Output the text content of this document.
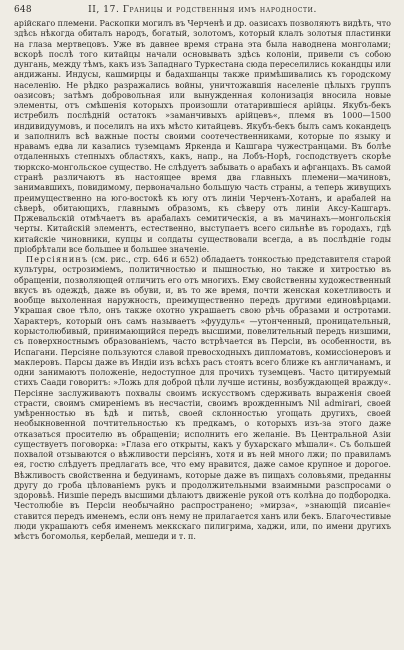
648	II, 17. Границы и родственныя имъ народности.

арійскаго племени. Раскопки могилъ въ Черченѣ и др. оазисахъ позволяютъ видѣть, что здѣсь нѣкогда обиталъ народъ, богатый, золотомъ, который клалъ золотыя пластинки на глаза мертвецовъ. Уже въ давнее время страна эта была наводнена монголами; вскорѣ послѣ того китайцы начали основывать здѣсь колоніи, привели съ собою дунгань, между тѣмъ, какъ изъ Западнаго Туркестана сюда переселились кокандцы или андижаны. Индусы, кашмирцы и бадахшанцы также примѣшивались къ городскому населенію. Не рѣдко разражались войны, уничтожавшія населеніе цѣлыхъ группъ оазисовъ; затѣмъ добровольная или вынужденная колонизація вносила новые элементы, отъ смѣшенія которыхъ произошли отатарившіеся арійцы. Якубъ-бекъ истребилъ послѣдній остатокъ »заманчивыхъ арійцевъ«, племя въ 1000—1500 индивидуумовъ, и поселилъ на ихъ мѣсто китайцевъ. Якубъ-бекъ былъ самъ кокандецъ и заполнилъ всѣ важные посты своими соотечественниками, которые по языку и нравамъ едва ли казались туземцамъ Яркенда и Кашгара чужестранцами. Въ болѣе отдаленныхъ степныхъ областяхъ, какъ, напр., на Лобъ-Норѣ, господствуетъ скорѣе тюркско-монгольское существо. Не слѣдуетъ забывать о арабахъ и афганцахъ. Въ самой странѣ различаютъ въ настоящее время два главныхъ племени—мачиновъ, занимавшихъ, повидимому, первоначально большую часть страны, а теперь живущихъ преимущественно на юго-востокѣ къ югу отъ линіи Черченъ-Хотанъ, и арабалей на сѣверѣ, обитающихъ, главнымъ образомъ, къ сѣверу отъ линіи Аксу-Кашгаръ. Пржевальскій отмѣчаетъ въ арабалахъ семитическія, а въ мачинахъ—монгольскія черты. Китайскій элементъ, естественно, выступаетъ всего сильнѣе въ городахъ, гдѣ китайскіе чиновники, купцы и солдаты существовали всегда, а въ послѣдніе годы пріобрѣтали все большее и большее значеніе.

Персіянинъ (см. рис., стр. 646 и 652) обладаетъ тонкостью представителя старой культуры, острозиміемъ, политичностью и пышностью, но также и хитростью въ обращеніи, позволяющей отличить его отъ многихъ. Ему свойственны художественный вкусъ въ одеждѣ, даже въ обуви, и, въ то же время, почти женская кокетливость и вообще выхоленная наружность, преимущественно передъ другими единовѣрцами. Украшая свое тѣло, онъ также охотно украшаетъ свою рѣчь образами и остротами. Характеръ, который онъ самъ называетъ »фуудуль« —утонченный, проницательный, корыстолюбивый, принимающийся передъ высшими, повелительный передъ низшими, съ поверхностнымъ образованіемъ, часто встрѣчается въ Персіи, въ особенности, въ Испагани. Персіяне пользуются славой превосходныхъ дипломатовъ, комиссіонеровъ и маклеровъ. Парсы даже въ Индіи изъ всѣхъ расъ стоятъ всего ближе къ англичанамъ, и одни занимаютъ положеніе, недоступное для прочихъ туземцевъ. Часто цитируемый стихъ Саади говоритъ: »Ложь для доброй цѣли лучше истины, возбуждающей вражду«. Персіяне заслуживаютъ похвалы своимъ искусствомъ сдерживать выраженія своей страсти, своимъ смиреніемъ въ несчастіи, своимъ врожденнымъ Nil admirari, своей умѣренностью въ ѣдѣ и питьѣ, своей склонностью угощать другихъ, своей необыкновенной почтительностью къ предкамъ, о которыхъ изъ-за этого даже отказаться просителю въ обращеніи; исполнить его желаніе. Въ Центральной Азіи существуетъ поговорка: »Глаза его открыты, какъ у бухарскаго мѣшали«. Съ большей похвалой отзываются о вѣжливости персіянъ, хотя и въ ней много лжи; по правиламъ ея, гостю слѣдуетъ предлагать все, что ему нравится, даже самое крупное и дорогое. Вѣжливость свойственна и бедуинамъ, которые даже въ пищахъ соловьями, преданны другу до гроба цѣлованіемъ рукъ и продолжительными взаимными разспросами о здоровьѣ. Низшіе передъ высшими дѣлаютъ движеніе рукой отъ колѣна до подбородка. Честолюбіе въ Персіи необычайно распространено; »мирза«, »знающій писаніе« ставится передъ именемъ, если онъ нему не прилагается ханъ или бекъ. Благочестивые люди украшаютъ себя именемъ меккскаго пилигрима, хаджи, или, по имени другихъ мѣстъ богомолья, кербелай, мешеди и т. п.
